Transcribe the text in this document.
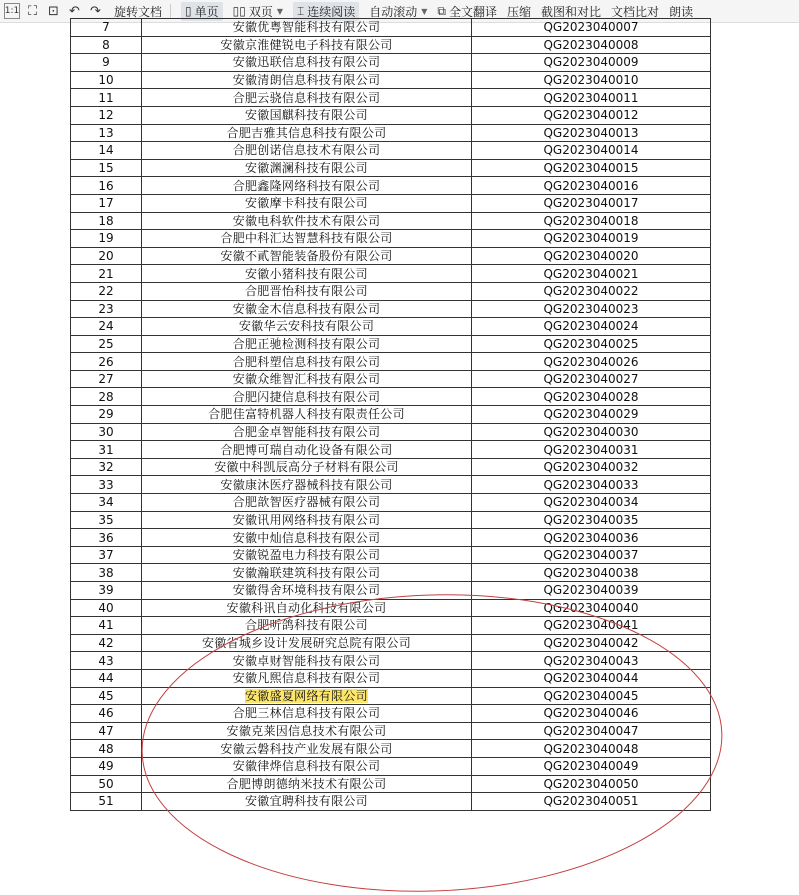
1:1 ⛶ ⊡ ↶ ↷ 旋转文档 ▯ 单页 ▯▯ 双页 ▼ ⌶ 连续阅读 自动滚动 ▼ ⧉ 全文翻译 压缩 截图和对比 文档比对 朗读
7	安徽优粤智能科技有限公司	QG2023040007
8	安徽京淮健锐电子科技有限公司	QG2023040008
9	安徽迅联信息科技有限公司	QG2023040009
10	安徽清朗信息科技有限公司	QG2023040010
11	合肥云骁信息科技有限公司	QG2023040011
12	安徽国麒科技有限公司	QG2023040012
13	合肥吉雅其信息科技有限公司	QG2023040013
14	合肥创诺信息技术有限公司	QG2023040014
15	安徽渊澜科技有限公司	QG2023040015
16	合肥鑫隆网络科技有限公司	QG2023040016
17	安徽摩卡科技有限公司	QG2023040017
18	安徽电科软件技术有限公司	QG2023040018
19	合肥中科汇达智慧科技有限公司	QG2023040019
20	安徽不貳智能装备股份有限公司	QG2023040020
21	安徽小猪科技有限公司	QG2023040021
22	合肥晋怡科技有限公司	QG2023040022
23	安徽金木信息科技有限公司	QG2023040023
24	安徽华云安科技有限公司	QG2023040024
25	合肥正驰检测科技有限公司	QG2023040025
26	合肥科塑信息科技有限公司	QG2023040026
27	安徽众维智汇科技有限公司	QG2023040027
28	合肥闪捷信息科技有限公司	QG2023040028
29	合肥佳富特机器人科技有限责任公司	QG2023040029
30	合肥金卓智能科技有限公司	QG2023040030
31	合肥博可瑞自动化设备有限公司	QG2023040031
32	安徽中科凯辰高分子材料有限公司	QG2023040032
33	安徽康沐医疗器械科技有限公司	QG2023040033
34	合肥歆智医疗器械有限公司	QG2023040034
35	安徽讯用网络科技有限公司	QG2023040035
36	安徽中灿信息科技有限公司	QG2023040036
37	安徽锐盈电力科技有限公司	QG2023040037
38	安徽瀚联建筑科技有限公司	QG2023040038
39	安徽得舍环境科技有限公司	QG2023040039
40	安徽科讯自动化科技有限公司	QG2023040040
41	合肥听鸽科技有限公司	QG2023040041
42	安徽省城乡设计发展研究总院有限公司	QG2023040042
43	安徽卓财智能科技有限公司	QG2023040043
44	安徽凡煕信息科技有限公司	QG2023040044
45	安徽盛夏网络有限公司	QG2023040045
46	合肥三林信息科技有限公司	QG2023040046
47	安徽克莱因信息技术有限公司	QG2023040047
48	安徽云磐科技产业发展有限公司	QG2023040048
49	安徽律烨信息科技有限公司	QG2023040049
50	合肥博朗德纳米技术有限公司	QG2023040050
51	安徽宜聘科技有限公司	QG2023040051
